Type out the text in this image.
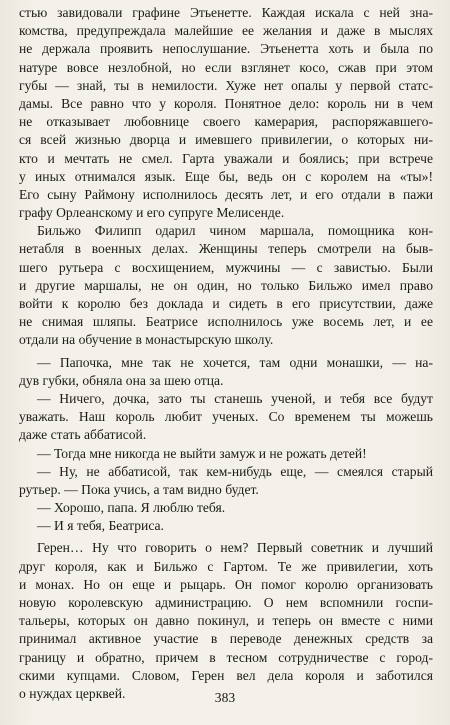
стью завидовали графине Этьенетте. Каждая искала с ней зна-
комства, предупреждала малейшие ее желания и даже в мыслях
не держала проявить непослушание. Этьенетта хоть и была по
натуре вовсе незлобной, но если взглянет косо, сжав при этом
губы — знай, ты в немилости. Хуже нет опалы у первой статс-
дамы. Все равно что у короля. Понятное дело: король ни в чем
не отказывает любовнице своего камерария, распоряжавшего-
ся всей жизнью дворца и имевшего привилегии, о которых ни-
кто и мечтать не смел. Гарта уважали и боялись; при встрече
у иных отнимался язык. Еще бы, ведь он с королем на «ты»!
Его сыну Раймону исполнилось десять лет, и его отдали в пажи
графу Орлеанскому и его супруге Мелисенде.
Бильжо Филипп одарил чином маршала, помощника кон-
нетабля в военных делах. Женщины теперь смотрели на быв-
шего рутьера с восхищением, мужчины — с завистью. Были
и другие маршалы, не он один, но только Бильжо имел право
войти к королю без доклада и сидеть в его присутствии, даже
не снимая шляпы. Беатрисе исполнилось уже восемь лет, и ее
отдали на обучение в монастырскую школу.
— Папочка, мне так не хочется, там одни монашки, — на-
дув губки, обняла она за шею отца.
— Ничего, дочка, зато ты станешь ученой, и тебя все будут
уважать. Наш король любит ученых. Со временем ты можешь
даже стать аббатисой.
— Тогда мне никогда не выйти замуж и не рожать детей!
— Ну, не аббатисой, так кем-нибудь еще, — смеялся старый
рутьер. — Пока учись, а там видно будет.
— Хорошо, папа. Я люблю тебя.
— И я тебя, Беатриса.
Герен… Ну что говорить о нем? Первый советник и лучший
друг короля, как и Бильжо с Гартом. Те же привилегии, хоть
и монах. Но он еще и рыцарь. Он помог королю организовать
новую королевскую администрацию. О нем вспомнили госпи-
тальеры, которых он давно покинул, и теперь он вместе с ними
принимал активное участие в переводе денежных средств за
границу и обратно, причем в тесном сотрудничестве с город-
скими купцами. Словом, Герен вел дела короля и заботился
о нуждах церквей.	383
